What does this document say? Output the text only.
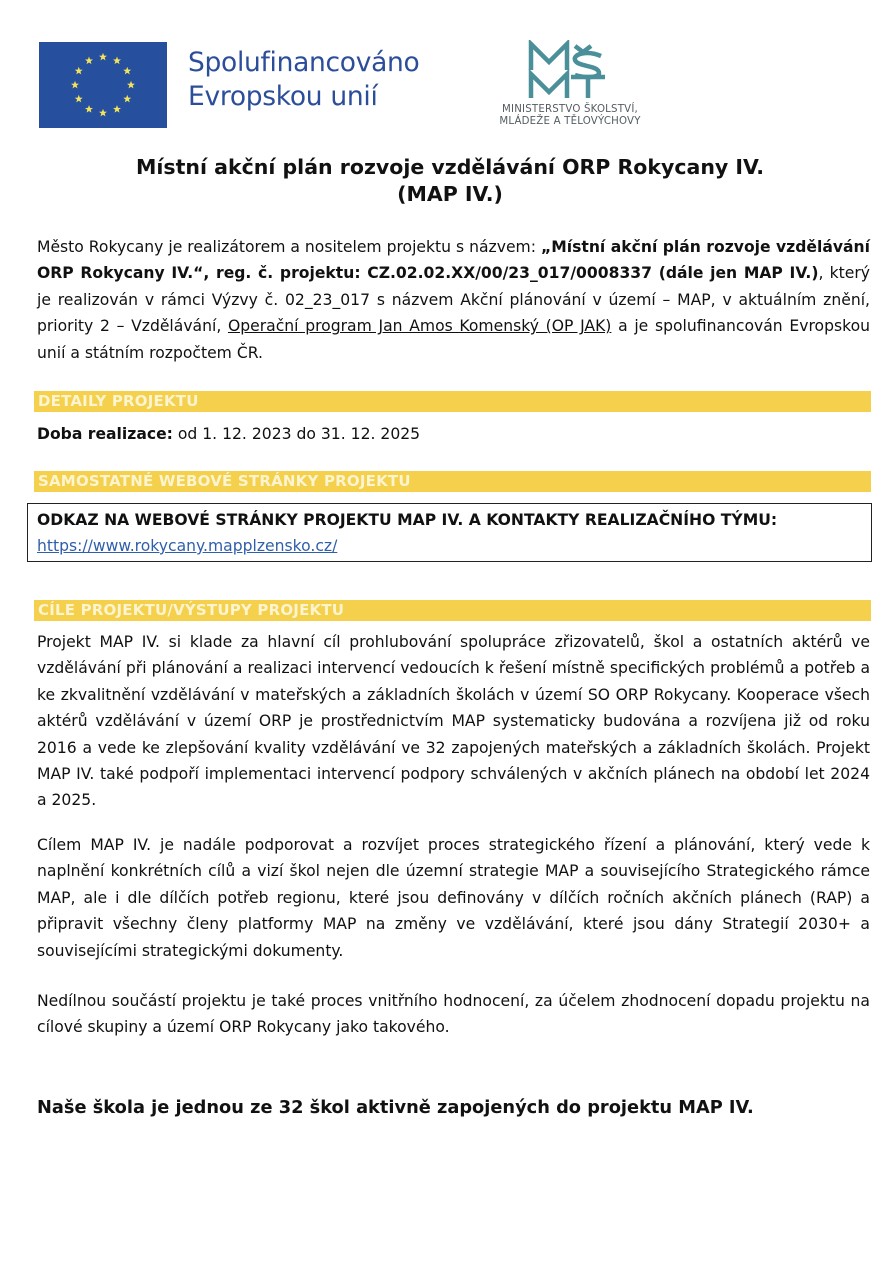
Spolufinancováno
Evropskou unií	MINISTERSTVO ŠKOLSTVÍ,
MLÁDEŽE A TĚLOVÝCHOVY
Místní akční plán rozvoje vzdělávání ORP Rokycany IV.
(MAP IV.)
Město Rokycany je realizátorem a nositelem projektu s názvem: „Místní akční plán rozvoje vzdělávání ORP Rokycany IV.“, reg. č. projektu: CZ.02.02.XX/00/23_017/0008337 (dále jen MAP IV.), který je realizován v rámci Výzvy č. 02_23_017 s názvem Akční plánování v území – MAP, v aktuálním znění, priority 2 – Vzdělávání, Operační program Jan Amos Komenský (OP JAK) a je spolufinancován Evropskou unií a státním rozpočtem ČR.
DETAILY PROJEKTU
Doba realizace: od 1. 12. 2023 do 31. 12. 2025
SAMOSTATNÉ WEBOVÉ STRÁNKY PROJEKTU
ODKAZ NA WEBOVÉ STRÁNKY PROJEKTU MAP IV. A KONTAKTY REALIZAČNÍHO TÝMU: https://www.rokycany.mapplzensko.cz/
CÍLE PROJEKTU/VÝSTUPY PROJEKTU
Projekt MAP IV. si klade za hlavní cíl prohlubování spolupráce zřizovatelů, škol a ostatních aktérů ve vzdělávání při plánování a realizaci intervencí vedoucích k řešení místně specifických problémů a potřeb a ke zkvalitnění vzdělávání v mateřských a základních školách v území SO ORP Rokycany. Kooperace všech aktérů vzdělávání v území ORP je prostřednictvím MAP systematicky budována a rozvíjena již od roku 2016 a vede ke zlepšování kvality vzdělávání ve 32 zapojených mateřských a základních školách. Projekt MAP IV. také podpoří implementaci intervencí podpory schválených v akčních plánech na období let 2024 a 2025.
Cílem MAP IV. je nadále podporovat a rozvíjet proces strategického řízení a plánování, který vede k naplnění konkrétních cílů a vizí škol nejen dle územní strategie MAP a souvisejícího Strategického rámce MAP, ale i dle dílčích potřeb regionu, které jsou definovány v dílčích ročních akčních plánech (RAP) a připravit všechny členy platformy MAP na změny ve vzdělávání, které jsou dány Strategií 2030+ a souvisejícími strategickými dokumenty.
Nedílnou součástí projektu je také proces vnitřního hodnocení, za účelem zhodnocení dopadu projektu na cílové skupiny a území ORP Rokycany jako takového.
Naše škola je jednou ze 32 škol aktivně zapojených do projektu MAP IV.
